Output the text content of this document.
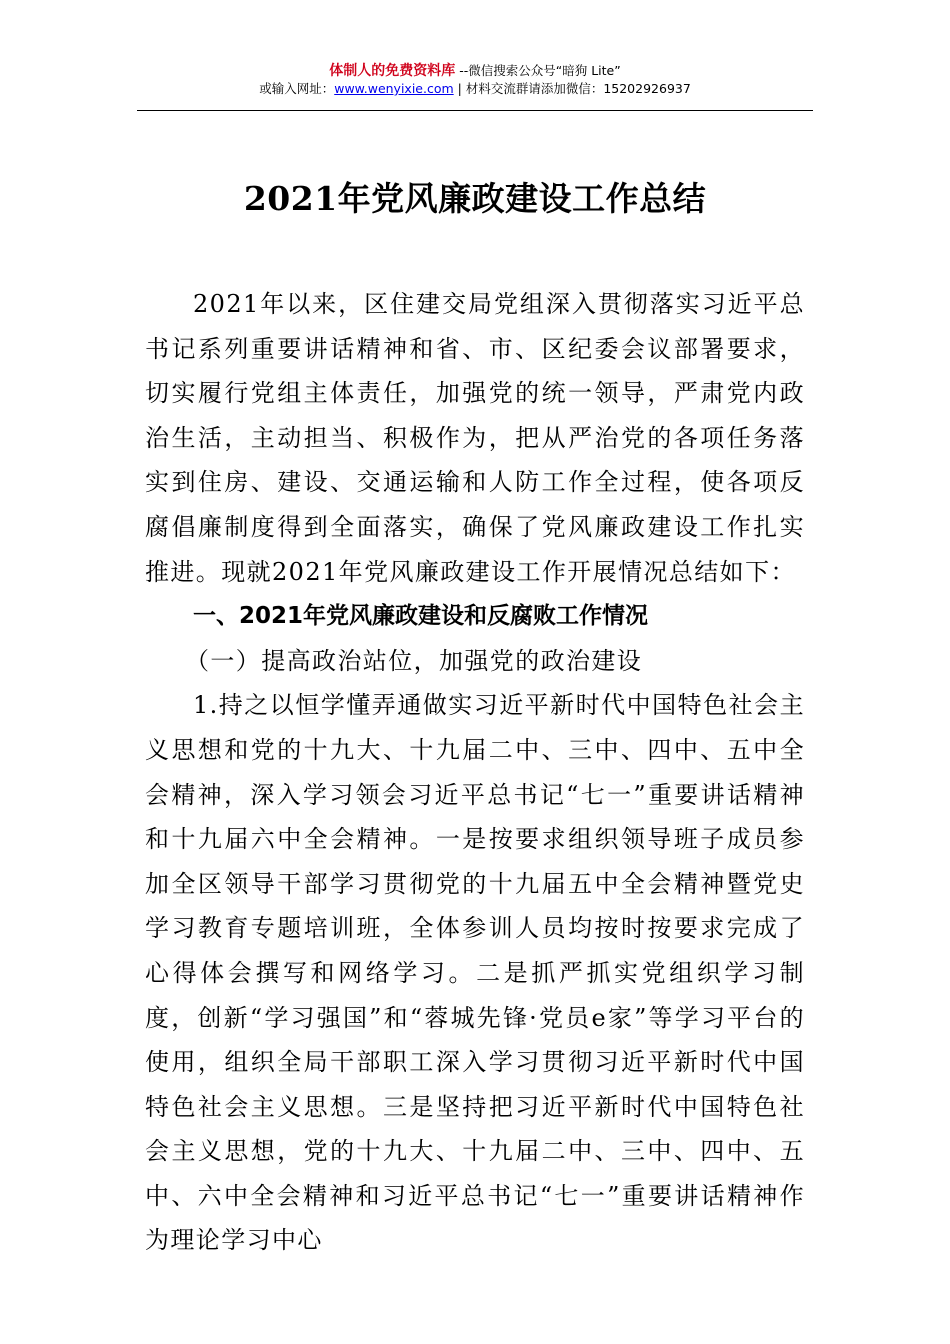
体制人的免费资料库 --微信搜索公众号“暗狗 Lite”
或输入网址：www.wenyixie.com | 材料交流群请添加微信：15202926937
2021年党风廉政建设工作总结

2021年以来，区住建交局党组深入贯彻落实习近平总书记系列重要讲话精神和省、市、区纪委会议部署要求，切实履行党组主体责任，加强党的统一领导，严肃党内政治生活，主动担当、积极作为，把从严治党的各项任务落实到住房、建设、交通运输和人防工作全过程，使各项反腐倡廉制度得到全面落实，确保了党风廉政建设工作扎实推进。现就2021年党风廉政建设工作开展情况总结如下：

一、2021年党风廉政建设和反腐败工作情况

（一）提高政治站位，加强党的政治建设

1.持之以恒学懂弄通做实习近平新时代中国特色社会主义思想和党的十九大、十九届二中、三中、四中、五中全会精神，深入学习领会习近平总书记“七一”重要讲话精神和十九届六中全会精神。一是按要求组织领导班子成员参加全区领导干部学习贯彻党的十九届五中全会精神暨党史学习教育专题培训班，全体参训人员均按时按要求完成了心得体会撰写和网络学习。二是抓严抓实党组织学习制度，创新“学习强国”和“蓉城先锋·党员e家”等学习平台的使用，组织全局干部职工深入学习贯彻习近平新时代中国特色社会主义思想。三是坚持把习近平新时代中国特色社会主义思想，党的十九大、十九届二中、三中、四中、五中、六中全会精神和习近平总书记“七一”重要讲话精神作为理论学习中心
